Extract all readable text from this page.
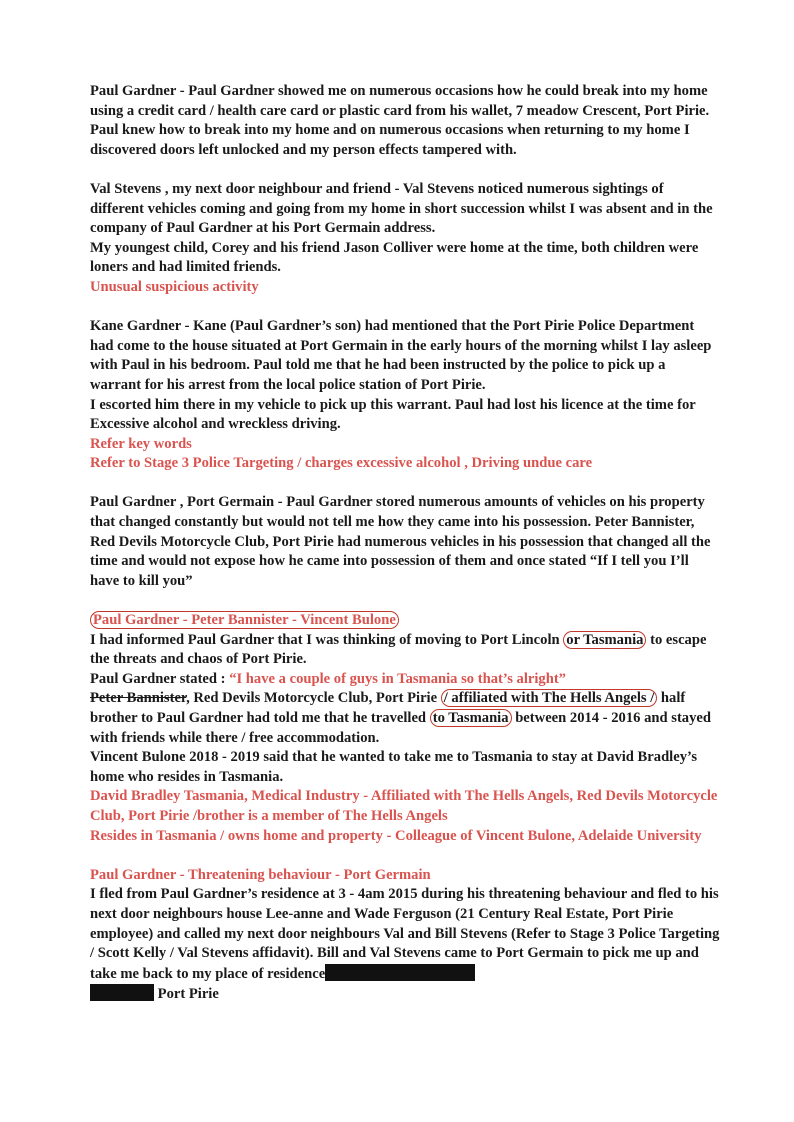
Paul Gardner - Paul Gardner showed me on numerous occasions how he could break into my home using a credit card / health care card or plastic card from his wallet, 7 meadow Crescent, Port Pirie. Paul knew how to break into my home and on numerous occasions when returning to my home I discovered doors left unlocked and my person effects tampered with.

Val Stevens , my next door neighbour and friend - Val Stevens noticed numerous sightings of different vehicles coming and going from my home in short succession whilst I was absent and in the company of Paul Gardner at his Port Germain address.

My youngest child, Corey and his friend Jason Colliver were home at the time, both children were loners and had limited friends.

Unusual suspicious activity

Kane Gardner - Kane (Paul Gardner’s son) had mentioned that the Port Pirie Police Department had come to the house situated at Port Germain in the early hours of the morning whilst I lay asleep with Paul in his bedroom. Paul told me that he had been instructed by the police to pick up a warrant for his arrest from the local police station of Port Pirie.

I escorted him there in my vehicle to pick up this warrant. Paul had lost his licence at the time for Excessive alcohol and wreckless driving.

Refer key words

Refer to Stage 3 Police Targeting / charges excessive alcohol , Driving undue care

Paul Gardner , Port Germain - Paul Gardner stored numerous amounts of vehicles on his property that changed constantly but would not tell me how they came into his possession. Peter Bannister, Red Devils Motorcycle Club, Port Pirie had numerous vehicles in his possession that changed all the time and would not expose how he came into possession of them and once stated “If I tell you I’ll have to kill you”

Paul Gardner - Peter Bannister - Vincent Bulone

I had informed Paul Gardner that I was thinking of moving to Port Lincoln or Tasmania to escape the threats and chaos of Port Pirie.

Paul Gardner stated : “I have a couple of guys in Tasmania so that’s alright”

Peter Bannister, Red Devils Motorcycle Club, Port Pirie / affiliated with The Hells Angels / half brother to Paul Gardner had told me that he travelled to Tasmania between 2014 - 2016 and stayed with friends while there / free accommodation.

Vincent Bulone 2018 - 2019 said that he wanted to take me to Tasmania to stay at David Bradley’s home who resides in Tasmania.

David Bradley Tasmania, Medical Industry - Affiliated with The Hells Angels, Red Devils Motorcycle Club, Port Pirie /brother is a member of The Hells Angels

Resides in Tasmania / owns home and property - Colleague of Vincent Bulone, Adelaide University

Paul Gardner - Threatening behaviour - Port Germain

I fled from Paul Gardner’s residence at 3 - 4am 2015 during his threatening behaviour and fled to his next door neighbours house Lee-anne and Wade Ferguson (21 Century Real Estate, Port Pirie employee) and called my next door neighbours Val and Bill Stevens (Refer to Stage 3 Police Targeting / Scott Kelly / Val Stevens affidavit). Bill and Val Stevens came to Port Germain to pick me up and take me back to my place of residence

Port Pirie
